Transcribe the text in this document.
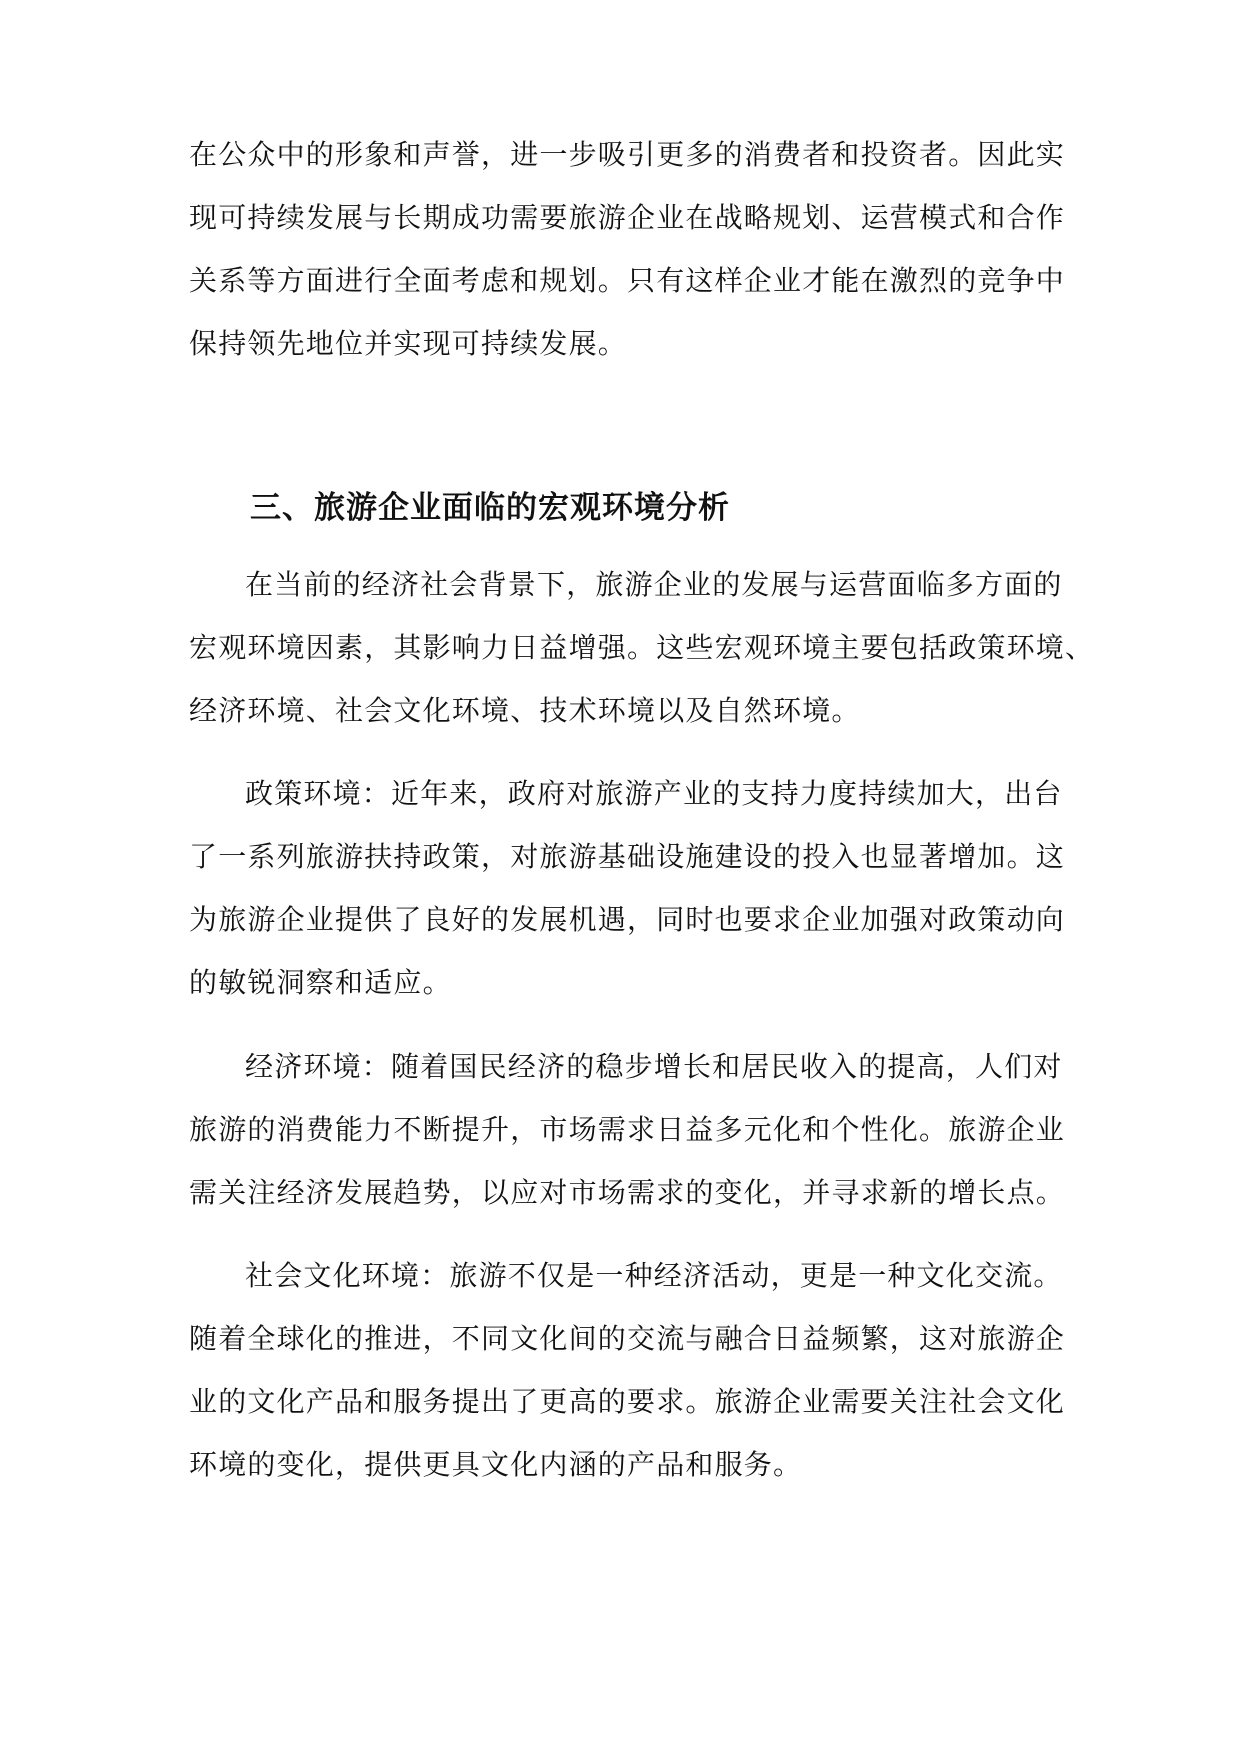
在公众中的形象和声誉，进一步吸引更多的消费者和投资者。因此实
现可持续发展与长期成功需要旅游企业在战略规划、运营模式和合作
关系等方面进行全面考虑和规划。只有这样企业才能在激烈的竞争中
保持领先地位并实现可持续发展。
三、旅游企业面临的宏观环境分析
在当前的经济社会背景下，旅游企业的发展与运营面临多方面的
宏观环境因素，其影响力日益增强。这些宏观环境主要包括政策环境、
经济环境、社会文化环境、技术环境以及自然环境。
政策环境：近年来，政府对旅游产业的支持力度持续加大，出台
了一系列旅游扶持政策，对旅游基础设施建设的投入也显著增加。这
为旅游企业提供了良好的发展机遇，同时也要求企业加强对政策动向
的敏锐洞察和适应。
经济环境：随着国民经济的稳步增长和居民收入的提高，人们对
旅游的消费能力不断提升，市场需求日益多元化和个性化。旅游企业
需关注经济发展趋势，以应对市场需求的变化，并寻求新的增长点。
社会文化环境：旅游不仅是一种经济活动，更是一种文化交流。
随着全球化的推进，不同文化间的交流与融合日益频繁，这对旅游企
业的文化产品和服务提出了更高的要求。旅游企业需要关注社会文化
环境的变化，提供更具文化内涵的产品和服务。
